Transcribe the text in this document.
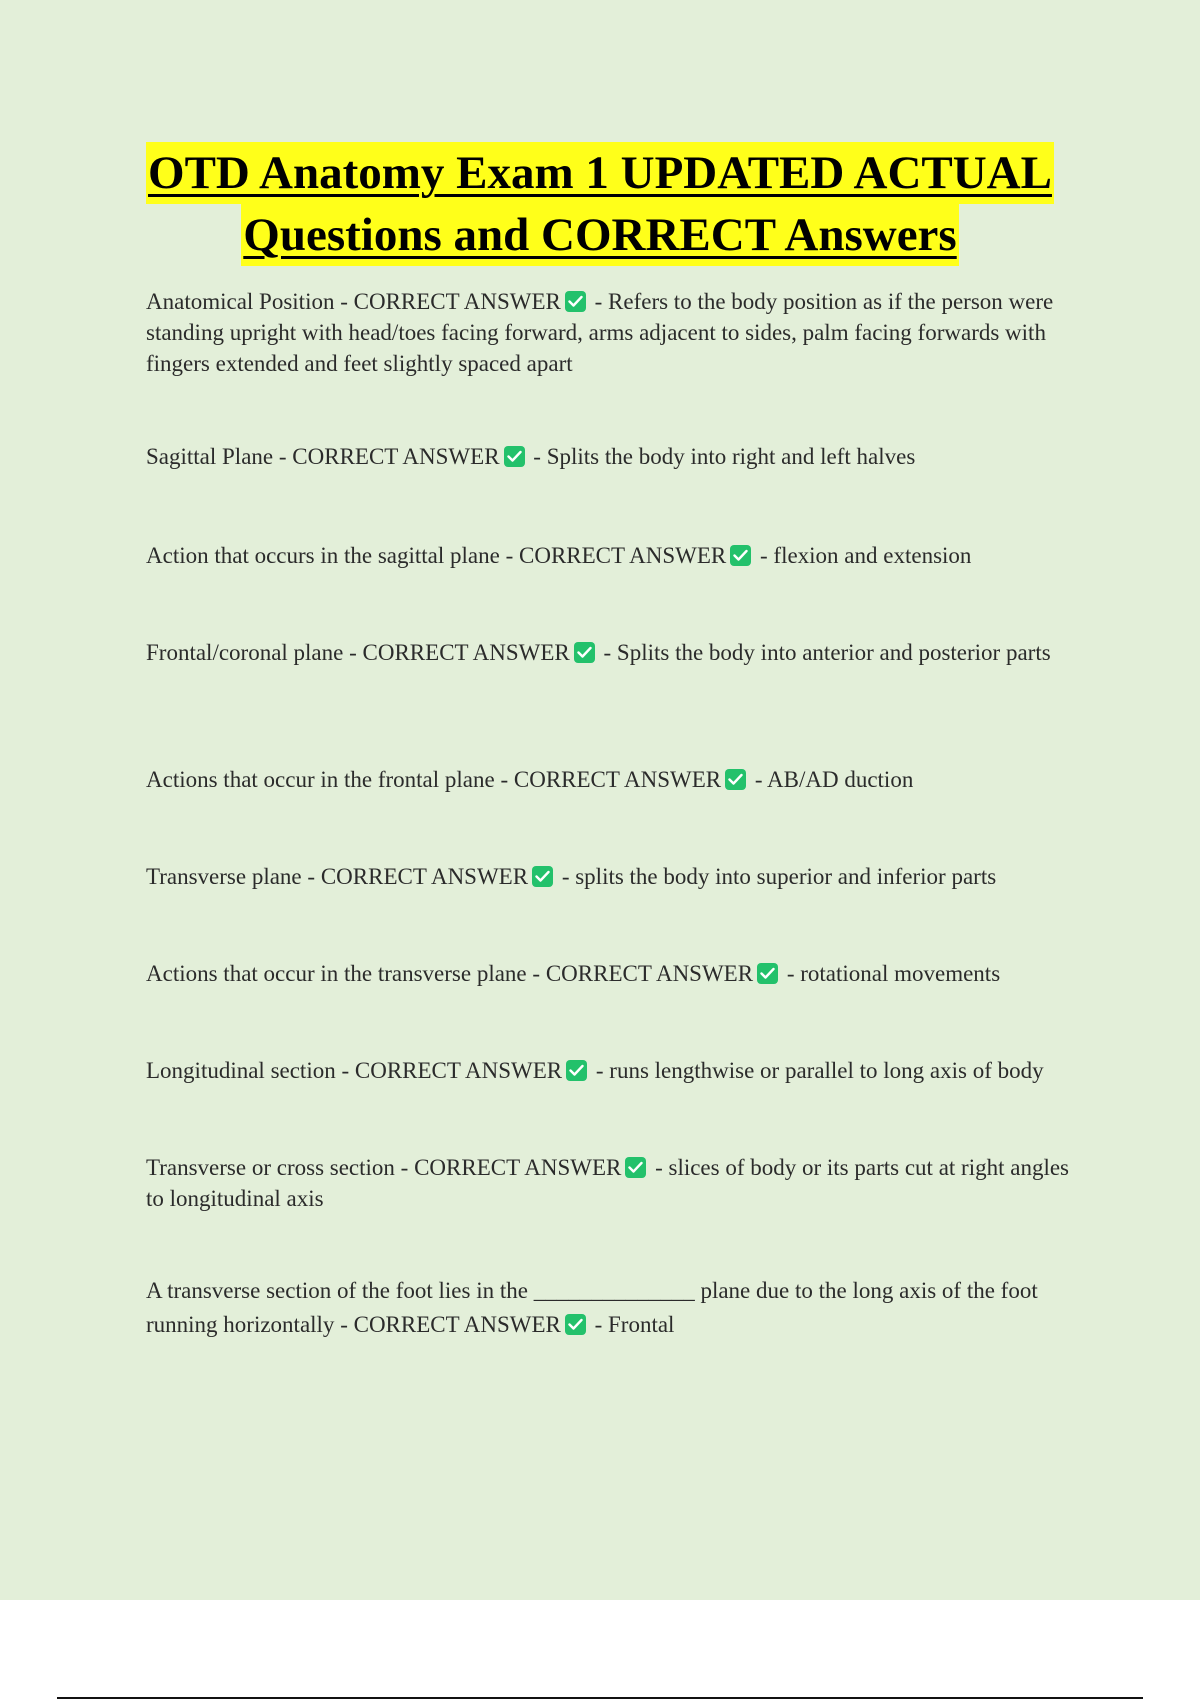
OTD Anatomy Exam 1 UPDATED ACTUAL
Questions and CORRECT Answers
Anatomical Position - CORRECT ANSWER - Refers to the body position as if the person were standing upright with head/toes facing forward, arms adjacent to sides, palm facing forwards with fingers extended and feet slightly spaced apart
Sagittal Plane - CORRECT ANSWER - Splits the body into right and left halves
Action that occurs in the sagittal plane - CORRECT ANSWER - flexion and extension
Frontal/coronal plane - CORRECT ANSWER - Splits the body into anterior and posterior parts
Actions that occur in the frontal plane - CORRECT ANSWER - AB/AD duction
Transverse plane - CORRECT ANSWER - splits the body into superior and inferior parts
Actions that occur in the transverse plane - CORRECT ANSWER - rotational movements
Longitudinal section - CORRECT ANSWER - runs lengthwise or parallel to long axis of body
Transverse or cross section - CORRECT ANSWER - slices of body or its parts cut at right angles to longitudinal axis
A transverse section of the foot lies in the ______________ plane due to the long axis of the foot running horizontally - CORRECT ANSWER - Frontal
